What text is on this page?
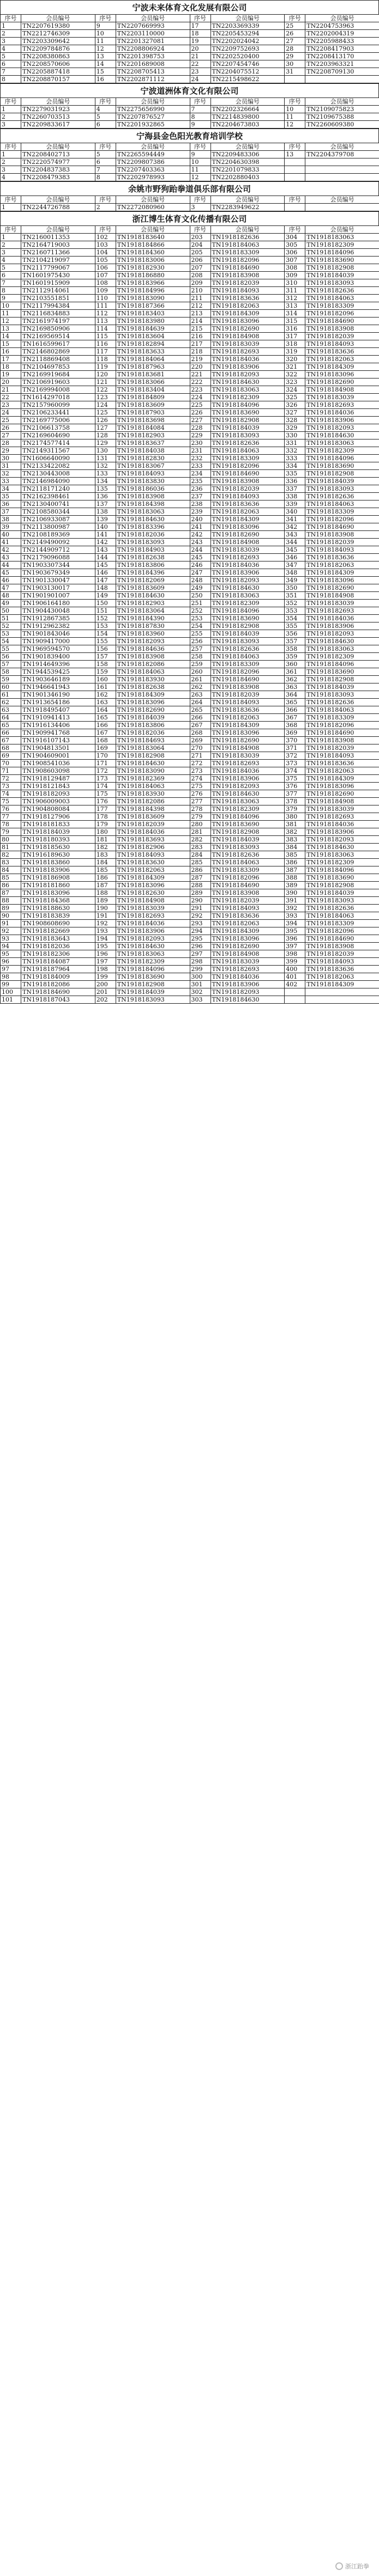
宁波未来体育文化发展有限公司
序号	会员编号	序号	会员编号	序号	会员编号	序号	会员编号
1	TN2207619380	9	TN2207669993	17	TN2203369339	25	TN2204753963
2	TN2212746309	10	TN2203110000	18	TN2205453294	26	TN2202004319
3	TN2203309642	11	TN2201327081	19	TN2202024042	27	TN2205988433
4	TN2209784876	12	TN2208806924	20	TN2209752693	28	TN2208417903
5	TN2208380863	13	TN2201398753	21	TN2202520400	29	TN2208413170
6	TN2208570606	14	TN2201689008	22	TN2207454746	30	TN2203963321
7	TN2205887418	15	TN2208705413	23	TN2204075512	31	TN2208709130
8	TN2208870157	16	TN2202871112	24	TN2215498622		
宁波道洲体育文化有限公司
序号	会员编号	序号	会员编号	序号	会员编号	序号	会员编号
1	TN2279031923	4	TN2275656990	7	TN2202326664	10	TN2109075823
2	TN2260703513	5	TN2207876527	8	TN2214839800	11	TN2109675388
3	TN2209833617	6	TN2201932865	9	TN2204673803	12	TN2260609380
宁海县金色阳光教育培训学校
序号	会员编号	序号	会员编号	序号	会员编号	序号	会员编号
1	TN2208402713	5	TN2265594449	9	TN2209483306	13	TN2204379708
2	TN2220574977	6	TN2209807386	10	TN2204630398		
3	TN2204837383	7	TN2207403363	11	TN2201079833		
4	TN2208479383	8	TN2202978993	12	TN2202880403		
余姚市野狗跆拳道俱乐部有限公司
序号	会员编号	序号	会员编号	序号	会员编号	序号	会员编号
1	TN2244726788	2	TN2272080960	3	TN2283949622		
浙江博生体育文化传播有限公司
序号	会员编号	序号	会员编号	序号	会员编号	序号	会员编号
1	TN2160011353	102	TN1918183640	203	TN1918182636	304	TN1918183063
2	TN2164719003	103	TN1918184866	204	TN1918184063	305	TN1918182309
3	TN2160711366	104	TN1918184360	205	TN1918183309	306	TN1918184096
4	TN2104219097	105	TN1918183006	206	TN1918182096	307	TN1918183690
5	TN2117799067	106	TN1918182930	207	TN1918184690	308	TN1918182908
6	TN1601975430	107	TN1918186880	208	TN1918183908	309	TN1918184039
7	TN1601915909	108	TN1918183966	209	TN1918182039	310	TN1918183093
8	TN2112914061	109	TN1918184996	210	TN1918184093	311	TN1918182636
9	TN2103551851	110	TN1918183090	211	TN1918183636	312	TN1918184063
10	TN2117994384	111	TN1918187366	212	TN1918182063	313	TN1918183309
11	TN2116834883	112	TN1918183403	213	TN1918184309	314	TN1918182096
12	TN2161974197	113	TN1918183980	214	TN1918183096	315	TN1918184690
13	TN2169850906	114	TN1918184639	215	TN1918182690	316	TN1918183908
14	TN2169569514	115	TN1918183604	216	TN1918184908	317	TN1918182039
15	TN1616599617	116	TN1918182894	217	TN1918183039	318	TN1918184093
16	TN2146802869	117	TN1918183633	218	TN1918182693	319	TN1918183636
17	TN2118869408	118	TN1918184064	219	TN1918184036	320	TN1918182063
18	TN2104697853	119	TN1918187963	220	TN1918183906	321	TN1918184309
19	TN2169919684	120	TN1918183681	221	TN1918182093	322	TN1918183096
20	TN2106919603	121	TN1918183066	222	TN1918184630	323	TN1918182690
21	TN2169994008	122	TN1918183404	223	TN1918183063	324	TN1918184908
22	TN1614297018	123	TN1918184809	224	TN1918182309	325	TN1918183039
23	TN2157960099	124	TN1918183609	225	TN1918184096	326	TN1918182693
24	TN2106233441	125	TN1918187903	226	TN1918183690	327	TN1918184036
25	TN2169775006	126	TN1918183698	227	TN1918182908	328	TN1918183906
26	TN2106613758	127	TN1918184084	228	TN1918184039	329	TN1918182093
27	TN2169604690	128	TN1918182903	229	TN1918183093	330	TN1918184630
28	TN2174577414	129	TN1918183637	230	TN1918182636	331	TN1918183063
29	TN2149311567	130	TN1918184038	231	TN1918184063	332	TN1918182309
30	TN1606640090	131	TN1918182830	232	TN1918183309	333	TN1918184096
31	TN2133422082	132	TN1918183067	233	TN1918182096	334	TN1918183690
32	TN2130443008	133	TN1918184093	234	TN1918184690	335	TN1918182908
33	TN2146984090	134	TN1918183830	235	TN1918183908	336	TN1918184039
34	TN2118171240	135	TN1918186036	236	TN1918182039	337	TN1918183093
35	TN2162398461	136	TN1918183908	237	TN1918184093	338	TN1918182636
36	TN2130400741	137	TN1918184398	238	TN1918183636	339	TN1918184063
37	TN2108580344	138	TN1918183063	239	TN1918182063	340	TN1918183309
38	TN2106933087	139	TN1918184630	240	TN1918184309	341	TN1918182096
39	TN2113800987	140	TN1918183396	241	TN1918183096	342	TN1918184690
40	TN2108189369	141	TN1918182036	242	TN1918182690	343	TN1918183908
41	TN2149490092	142	TN1918183093	243	TN1918184908	344	TN1918182039
42	TN2144909712	143	TN1918184903	244	TN1918183039	345	TN1918184093
43	TN2179096088	144	TN1918182638	245	TN1918182693	346	TN1918183636
44	TN1903307344	145	TN1918183806	246	TN1918184036	347	TN1918182063
45	TN1903679349	146	TN1918184396	247	TN1918183906	348	TN1918184309
46	TN1901330047	147	TN1918182069	248	TN1918182093	349	TN1918183096
47	TN1903130017	148	TN1918183609	249	TN1918184630	350	TN1918182690
48	TN1901901007	149	TN1918184630	250	TN1918183063	351	TN1918184908
49	TN1906164180	150	TN1918182903	251	TN1918182309	352	TN1918183039
50	TN1904430048	151	TN1918183064	252	TN1918184096	353	TN1918182693
51	TN1912867385	152	TN1918184390	253	TN1918183690	354	TN1918184036
52	TN1912962382	153	TN1918187830	254	TN1918182908	355	TN1918183906
53	TN1901843046	154	TN1918183960	255	TN1918184039	356	TN1918182093
54	TN1909417000	155	TN1918182093	256	TN1918183093	357	TN1918184630
55	TN1969594570	156	TN1918184636	257	TN1918182636	358	TN1918183063
56	TN1901839400	157	TN1918183908	258	TN1918184063	359	TN1918182309
57	TN1914649396	158	TN1918182086	259	TN1918183309	360	TN1918184096
58	TN1944539425	159	TN1918184063	260	TN1918182096	361	TN1918183690
59	TN1903646189	160	TN1918183930	261	TN1918184690	362	TN1918182908
60	TN1946641943	161	TN1918182638	262	TN1918183908	363	TN1918184039
61	TN1901346190	162	TN1918184309	263	TN1918182039	364	TN1918183093
62	TN1913654186	163	TN1918183096	264	TN1918184093	365	TN1918182636
63	TN1918495407	164	TN1918182690	265	TN1918183636	366	TN1918184063
64	TN1910941413	165	TN1918184039	266	TN1918182063	367	TN1918183309
65	TN1916134406	166	TN1918183806	267	TN1918184309	368	TN1918182096
66	TN1909941768	167	TN1918182036	268	TN1918183096	369	TN1918184690
67	TN1916107143	168	TN1918184693	269	TN1918182690	370	TN1918183908
68	TN1904813501	169	TN1918183064	270	TN1918184908	371	TN1918182039
69	TN1904609001	170	TN1918182908	271	TN1918183039	372	TN1918184093
70	TN1908541036	171	TN1918184630	272	TN1918182693	373	TN1918183636
71	TN1908603098	172	TN1918183090	273	TN1918184036	374	TN1918182063
72	TN1918129487	173	TN1918182369	274	TN1918183906	375	TN1918184309
73	TN1918121843	174	TN1918184063	275	TN1918182093	376	TN1918183096
74	TN1918182093	175	TN1918183930	276	TN1918184630	377	TN1918182690
75	TN1906009003	176	TN1918182086	277	TN1918183063	378	TN1918184908
76	TN1904808084	177	TN1918184398	278	TN1918182309	379	TN1918183039
77	TN1918127906	178	TN1918183609	279	TN1918184096	380	TN1918182693
78	TN1918181833	179	TN1918182039	280	TN1918183690	381	TN1918184036
79	TN1918184039	180	TN1918184036	281	TN1918182908	382	TN1918183906
80	TN1918180393	181	TN1918183693	282	TN1918184039	383	TN1918182093
81	TN1918185630	182	TN1918182906	283	TN1918183093	384	TN1918184630
82	TN1916189630	183	TN1918184093	284	TN1918182636	385	TN1918183063
83	TN1918183860	184	TN1918183630	285	TN1918184063	386	TN1918182309
84	TN1918183906	185	TN1918182063	286	TN1918183309	387	TN1918184096
85	TN1918186908	186	TN1918184309	287	TN1918182096	388	TN1918183690
86	TN1918181860	187	TN1918183096	288	TN1918184690	389	TN1918182908
87	TN1918183096	188	TN1918182630	289	TN1918183908	390	TN1918184039
88	TN1918184368	189	TN1918184908	290	TN1918182039	391	TN1918183093
89	TN1918188630	190	TN1918183039	291	TN1918184093	392	TN1918182636
90	TN1918183839	191	TN1918182693	292	TN1918183636	393	TN1918184063
91	TN1908608690	192	TN1918184036	293	TN1918182063	394	TN1918183309
92	TN1918182669	193	TN1918183906	294	TN1918184309	395	TN1918182096
93	TN1918183643	194	TN1918182093	295	TN1918183096	396	TN1918184690
94	TN1918182036	195	TN1918184630	296	TN1918182690	397	TN1918183908
95	TN1918182306	196	TN1918183063	297	TN1918184908	398	TN1918182039
96	TN1918184087	197	TN1918182309	298	TN1918183039	399	TN1918184093
97	TN1918187964	198	TN1918184096	299	TN1918182693	400	TN1918183636
98	TN1918184009	199	TN1918183690	300	TN1918184036	401	TN1918182063
99	TN1918182086	200	TN1918182908	301	TN1918183906	402	TN1918184309
100	TN1918184690	201	TN1918184039	302	TN1918182093		
101	TN1918187043	202	TN1918183093	303	TN1918184630		
浙江跆拳
